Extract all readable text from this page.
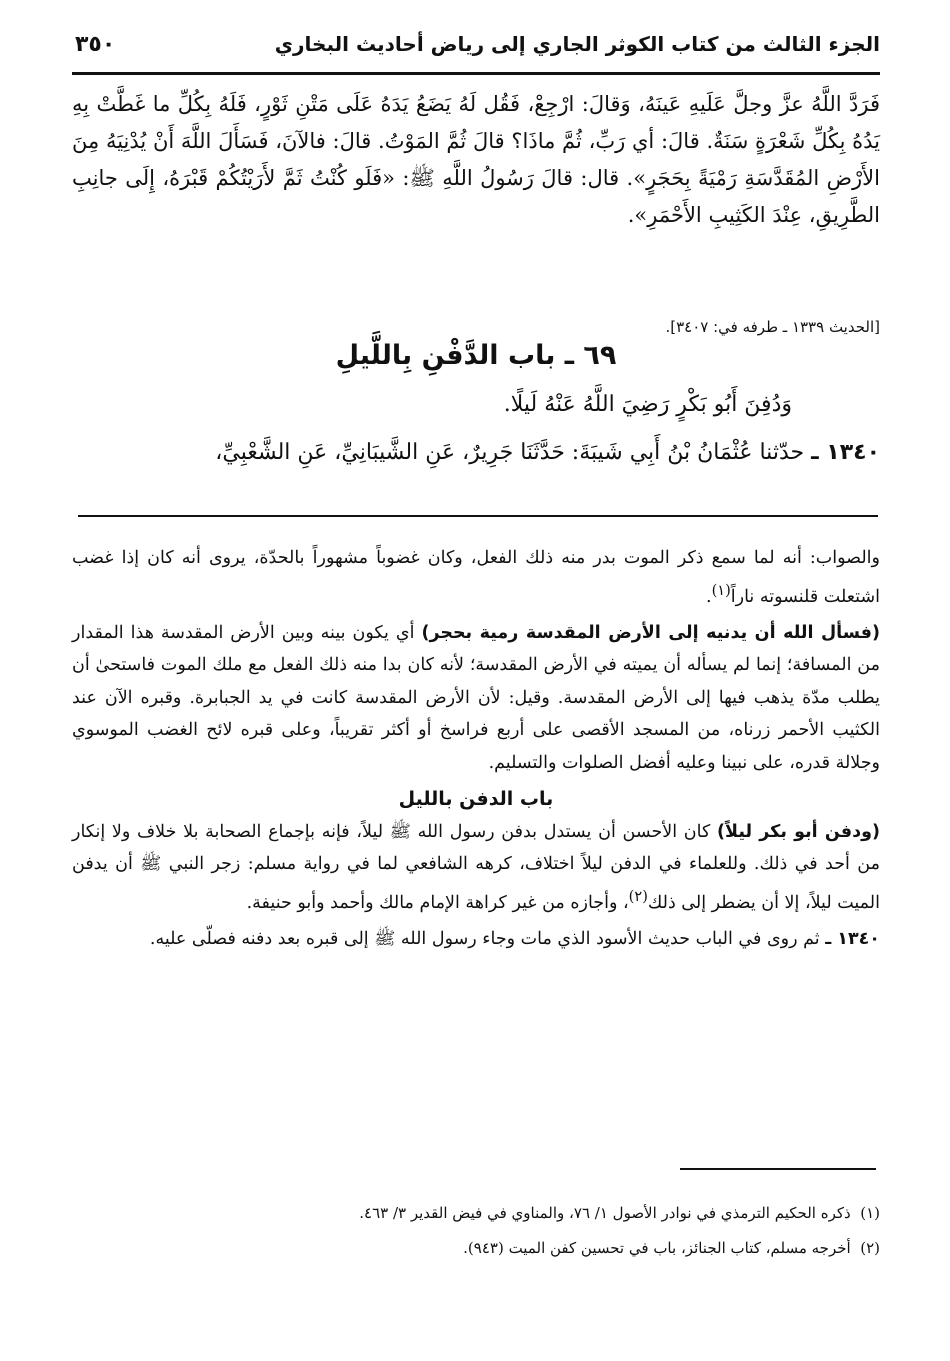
الجزء الثالث من كتاب الكوثر الجاري إلى رياض أحاديث البخاري
٣٥٠

فَرَدَّ اللَّهُ عزَّ وجلَّ عَلَيهِ عَينَهُ، وَقالَ: ارْجِعْ، فَقُل لَهُ يَضَعُ يَدَهُ عَلَى مَتْنِ ثَوْرٍ، فَلَهُ بِكُلِّ ما غَطَّتْ بِهِ يَدُهُ بِكُلِّ شَعْرَةٍ سَنَةٌ. قالَ: أي رَبِّ، ثُمَّ ماذَا؟ قالَ ثُمَّ المَوْتُ. قالَ: فالآنَ، فَسَأَلَ اللَّهَ أَنْ يُدْنِيَهُ مِنَ الأَرْضِ المُقَدَّسَةِ رَمْيَةً بِحَجَرٍ». قال: قالَ رَسُولُ اللَّهِ ﷺ: «فَلَو كُنْتُ ثَمَّ لأَرَيْتُكُمْ قَبْرَهُ، إِلَى جانِبِ الطَّرِيقِ، عِنْدَ الكَثِيبِ الأَحْمَرِ».

[الحديث ١٣٣٩ ـ طرفه في: ٣٤٠٧].
٦٩ ـ باب الدَّفْنِ بِاللَّيلِ
وَدُفِنَ أَبُو بَكْرٍ رَضِيَ اللَّهُ عَنْهُ لَيلًا.
١٣٤٠ ـ حدّثنا عُثْمَانُ بْنُ أَبِي شَيبَةَ: حَدَّثَنَا جَرِيرٌ، عَنِ الشَّيبَانِيِّ، عَنِ الشَّعْبِيِّ،

والصواب: أنه لما سمع ذكر الموت بدر منه ذلك الفعل، وكان غضوباً مشهوراً بالحدّة، يروى أنه كان إذا غضب اشتعلت قلنسوته ناراً$^{(١)}$.

(فسأل الله أن يدنيه إلى الأرض المقدسة رمية بحجر) أي يكون بينه وبين الأرض المقدسة هذا المقدار من المسافة؛ إنما لم يسأله أن يميته في الأرض المقدسة؛ لأنه كان بدا منه ذلك الفعل مع ملك الموت فاستحىٰ أن يطلب مدّة يذهب فيها إلى الأرض المقدسة. وقيل: لأن الأرض المقدسة كانت في يد الجبابرة. وقبره الآن عند الكثيب الأحمر زرناه، من المسجد الأقصى على أربع فراسخ أو أكثر تقريباً، وعلى قبره لائح الغضب الموسوي وجلالة قدره، على نبينا وعليه أفضل الصلوات والتسليم.

باب الدفن بالليل

(ودفن أبو بكر ليلاً) كان الأحسن أن يستدل بدفن رسول الله ﷺ ليلاً، فإنه بإجماع الصحابة بلا خلاف ولا إنكار من أحد في ذلك. وللعلماء في الدفن ليلاً اختلاف، كرهه الشافعي لما في رواية مسلم: زجر النبي ﷺ أن يدفن الميت ليلاً، إلا أن يضطر إلى ذلك$^{(٢)}$، وأجازه من غير كراهة الإمام مالك وأحمد وأبو حنيفة.

١٣٤٠ ـ ثم روى في الباب حديث الأسود الذي مات وجاء رسول الله ﷺ إلى قبره بعد دفنه فصلّى عليه.

(١)  ذكره الحكيم الترمذي في نوادر الأصول ١/ ٧٦، والمناوي في فيض القدير ٣/ ٤٦٣.
(٢)  أخرجه مسلم، كتاب الجنائز، باب في تحسين كفن الميت (٩٤٣).
